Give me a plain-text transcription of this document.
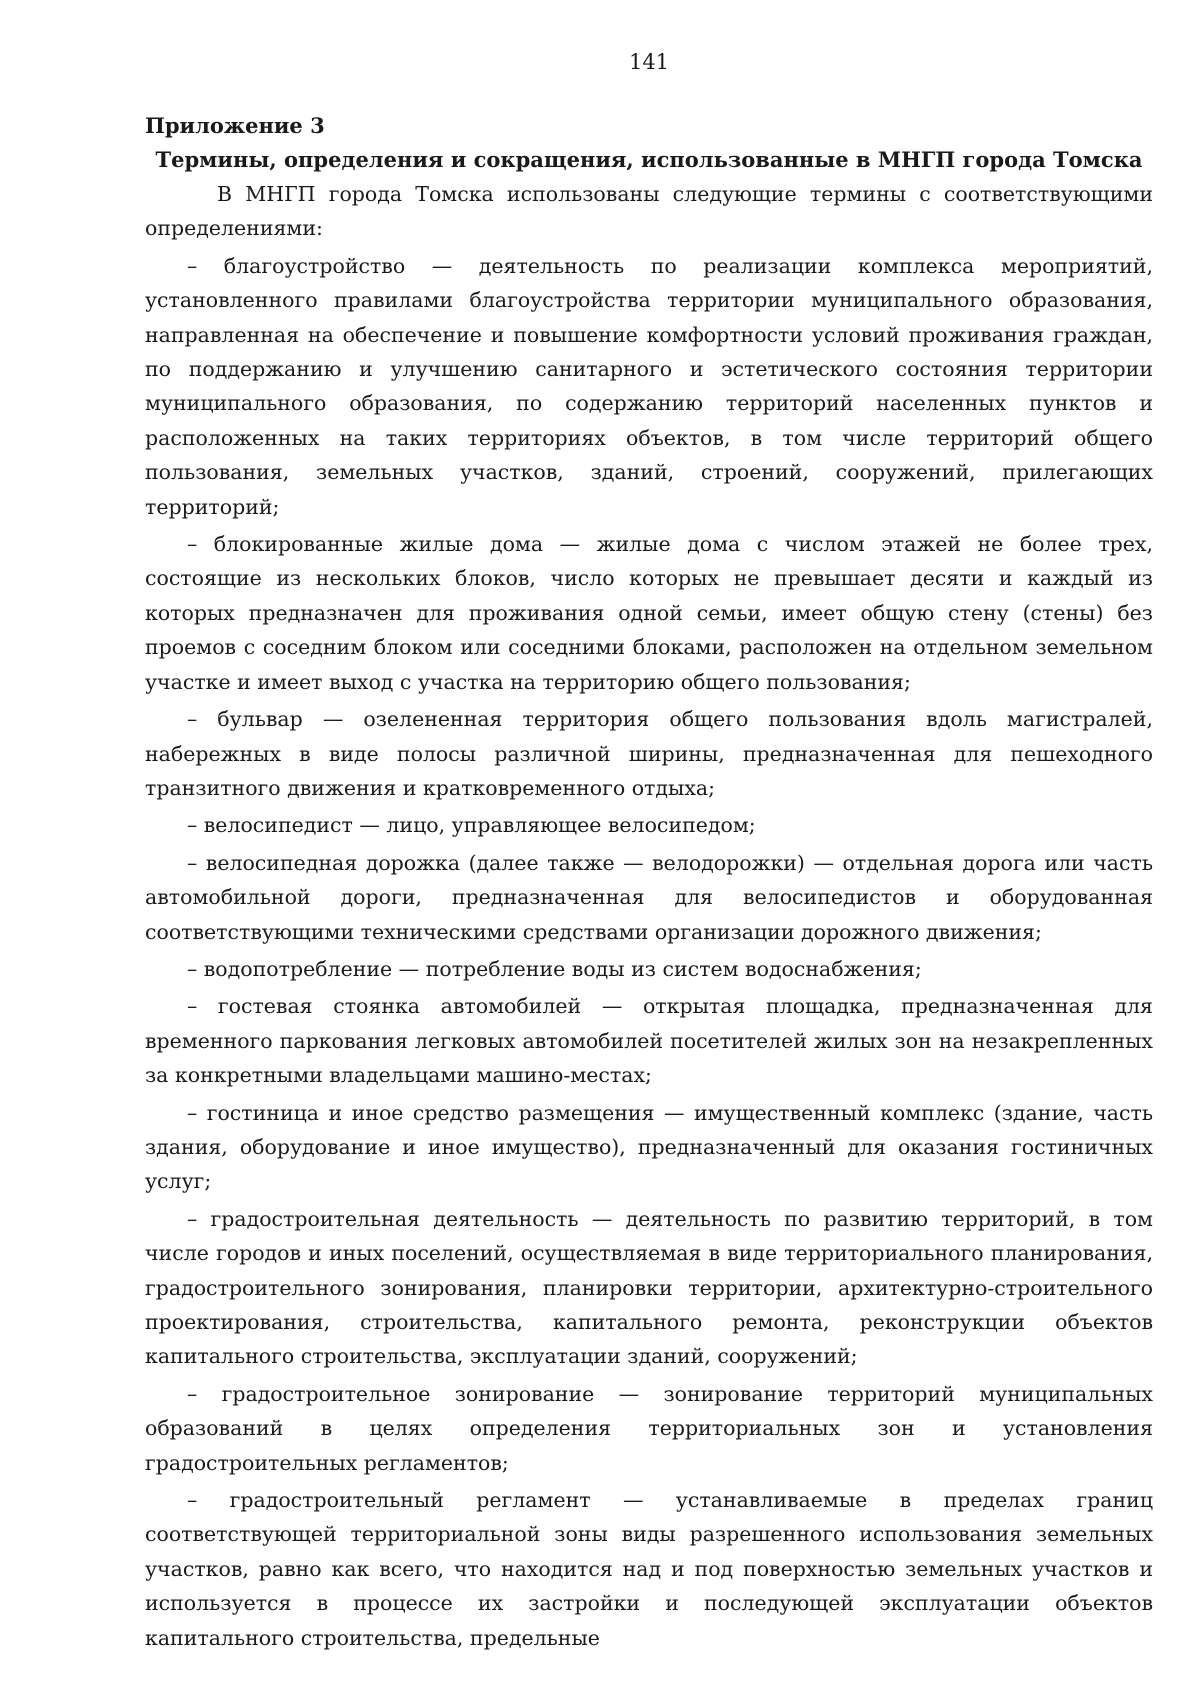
141

Приложение 3

Термины, определения и сокращения, использованные в МНГП города Томска

В МНГП города Томска использованы следующие термины с соответствующими определениями:

– благоустройство — деятельность по реализации комплекса мероприятий, установленного правилами благоустройства территории муниципального образования, направленная на обеспечение и повышение комфортности условий проживания граждан, по поддержанию и улучшению санитарного и эстетического состояния территории муниципального образования, по содержанию территорий населенных пунктов и расположенных на таких территориях объектов, в том числе территорий общего пользования, земельных участков, зданий, строений, сооружений, прилегающих территорий;

– блокированные жилые дома — жилые дома с числом этажей не более трех, состоящие из нескольких блоков, число которых не превышает десяти и каждый из которых предназначен для проживания одной семьи, имеет общую стену (стены) без проемов с соседним блоком или соседними блоками, расположен на отдельном земельном участке и имеет выход с участка на территорию общего пользования;

– бульвар — озелененная территория общего пользования вдоль магистралей, набережных в виде полосы различной ширины, предназначенная для пешеходного транзитного движения и кратковременного отдыха;

– велосипедист — лицо, управляющее велосипедом;

– велосипедная дорожка (далее также — велодорожки) — отдельная дорога или часть автомобильной дороги, предназначенная для велосипедистов и оборудованная соответствующими техническими средствами организации дорожного движения;

– водопотребление — потребление воды из систем водоснабжения;

– гостевая стоянка автомобилей — открытая площадка, предназначенная для временного паркования легковых автомобилей посетителей жилых зон на незакрепленных за конкретными владельцами машино-местах;

– гостиница и иное средство размещения — имущественный комплекс (здание, часть здания, оборудование и иное имущество), предназначенный для оказания гостиничных услуг;

– градостроительная деятельность — деятельность по развитию территорий, в том числе городов и иных поселений, осуществляемая в виде территориального планирования, градостроительного зонирования, планировки территории, архитектурно-строительного проектирования, строительства, капитального ремонта, реконструкции объектов капитального строительства, эксплуатации зданий, сооружений;

– градостроительное зонирование — зонирование территорий муниципальных образований в целях определения территориальных зон и установления градостроительных регламентов;

– градостроительный регламент — устанавливаемые в пределах границ соответствующей территориальной зоны виды разрешенного использования земельных участков, равно как всего, что находится над и под поверхностью земельных участков и используется в процессе их застройки и последующей эксплуатации объектов капитального строительства, предельные
